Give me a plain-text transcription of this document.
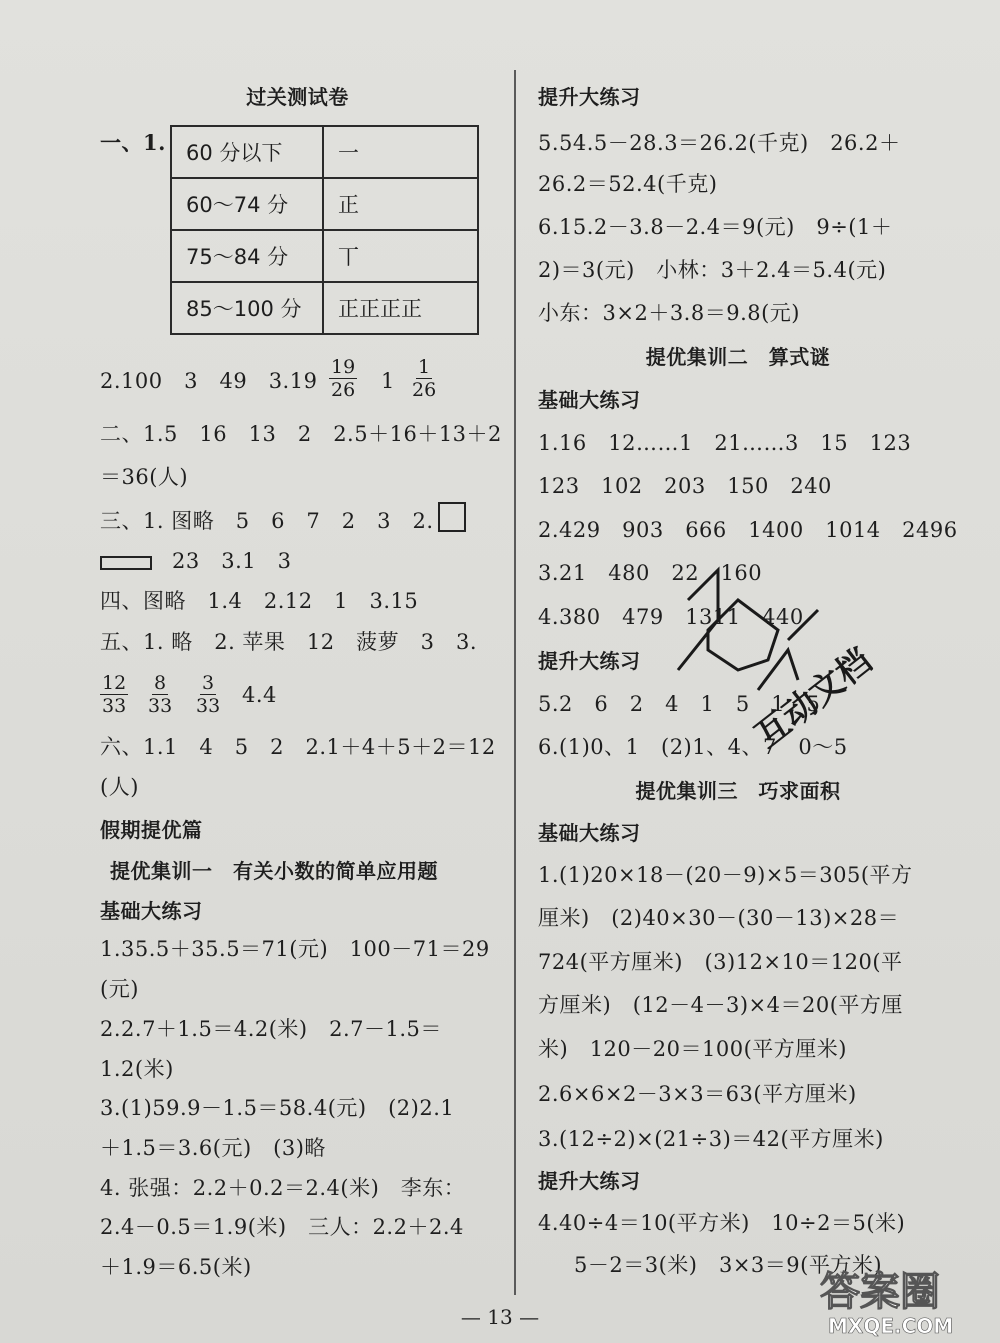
过关测试卷
一、1. 60 分以下	一
60～74 分	正
75～84 分	丅
85～100 分	正正正正
2.100　3　49　$3.19 \frac{19}{26} 1 \frac{1}{26}$
二、1.5　16　13　2　2.5＋16＋13＋2
＝36(人)
三、1. 图略　5　6　7　2　3　2.
23　3.1　3
四、图略　1.4　2.12　1　3.15
五、1. 略　2. 苹果　12　菠萝　3　3.
$\frac{12}{33} \frac{8}{33} \frac{3}{33} 4.4$
六、1.1　4　5　2　2.1＋4＋5＋2＝12
(人)
假期提优篇
提优集训一　有关小数的简单应用题
基础大练习
1.35.5＋35.5＝71(元)　100－71＝29
(元)
2.2.7＋1.5＝4.2(米)　2.7－1.5＝
1.2(米)
3.(1)59.9－1.5＝58.4(元)　(2)2.1
＋1.5＝3.6(元)　(3)略
4. 张强：2.2＋0.2＝2.4(米)　李东：
2.4－0.5＝1.9(米)　三人：2.2＋2.4
＋1.9＝6.5(米)
提升大练习
5.54.5－28.3＝26.2(千克)　26.2＋
26.2＝52.4(千克)
6.15.2－3.8－2.4＝9(元)　9÷(1＋
2)＝3(元)　小林：3＋2.4＝5.4(元)
小东：3×2＋3.8＝9.8(元)
提优集训二　算式谜
基础大练习
1.16　12……1　21……3　15　123
123　102　203　150　240
2.429　903　666　1400　1014　2496
3.21　480　22　160
4.380　479　1311　440
提升大练习
5.2　6　2　4　1　5　1　5
6.(1)0、1　(2)1、4、7　0～5
提优集训三　巧求面积
基础大练习
1.(1)20×18－(20－9)×5＝305(平方
厘米)　(2)40×30－(30－13)×28＝
724(平方厘米)　(3)12×10＝120(平
方厘米)　(12－4－3)×4＝20(平方厘
米)　120－20＝100(平方厘米)
2.6×6×2－3×3＝63(平方厘米)
3.(12÷2)×(21÷3)＝42(平方厘米)
提升大练习
4.40÷4＝10(平方米)　10÷2＝5(米)
5－2＝3(米)　3×3＝9(平方米)
互动文档
答案圈
MXQE.COM
— 13 —
